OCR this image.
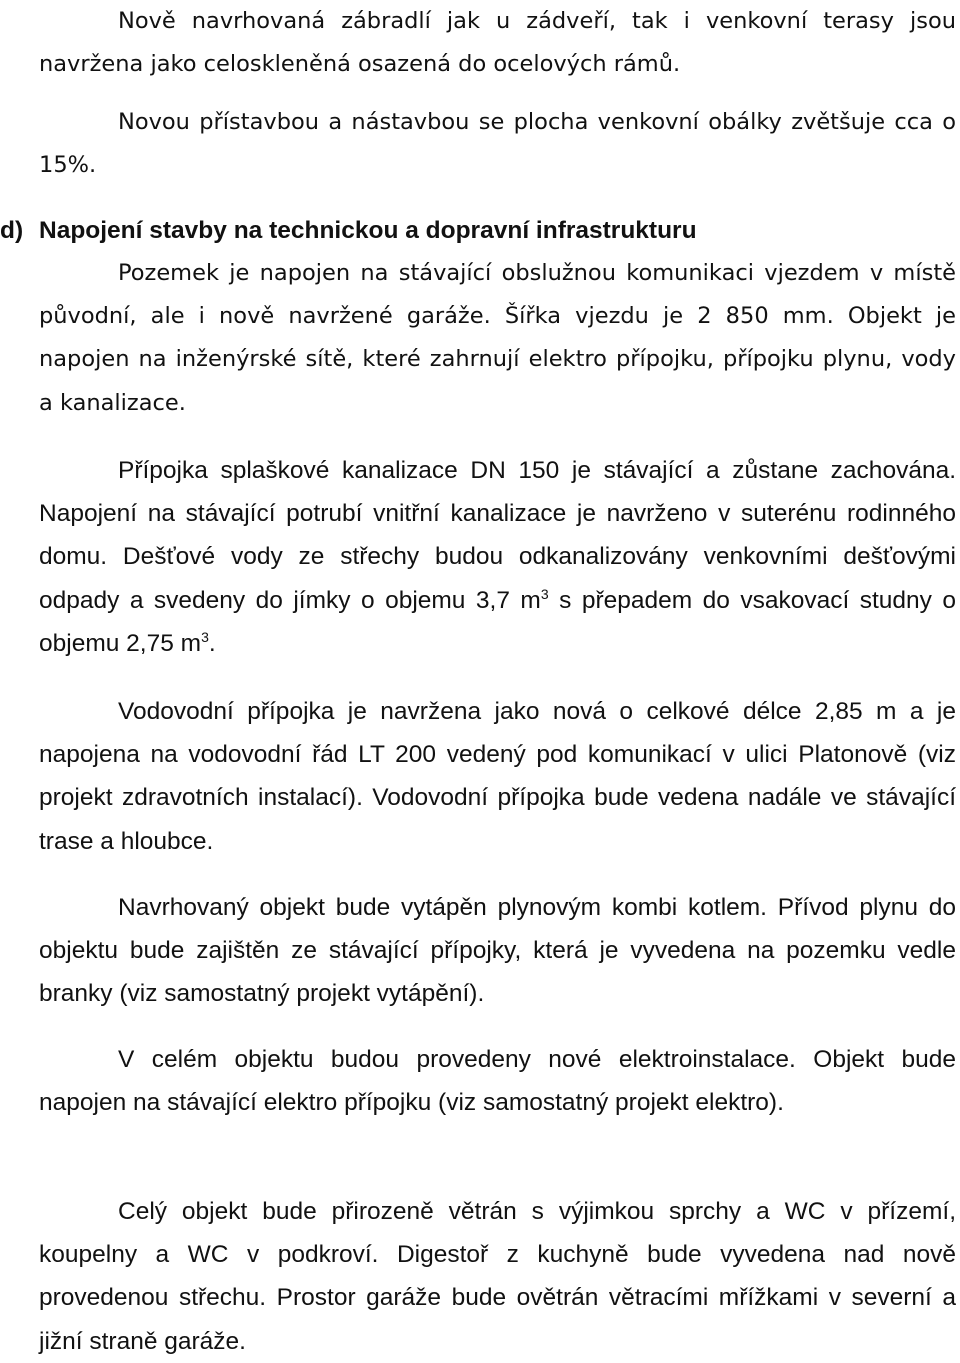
Nově navrhovaná zábradlí jak u zádveří, tak i venkovní terasy jsou navržena jako celoskleněná osazená do ocelových rámů.

Novou přístavbou a nástavbou se plocha venkovní obálky zvětšuje cca o 15%.

d) Napojení stavby na technickou a dopravní infrastrukturu

Pozemek je napojen na stávající obslužnou komunikaci vjezdem v místě původní, ale i nově navržené garáže. Šířka vjezdu je 2 850 mm. Objekt je napojen na inženýrské sítě, které zahrnují elektro přípojku, přípojku plynu, vody a kanalizace.

Přípojka splaškové kanalizace DN 150 je stávající a zůstane zachována. Napojení na stávající potrubí vnitřní kanalizace je navrženo v suterénu rodinného domu. Dešťové vody ze střechy budou odkanalizovány venkovními dešťovými odpady a svedeny do jímky o objemu 3,7 $m^3$ s přepadem do vsakovací studny o objemu 2,75 $m^3$.

Vodovodní přípojka je navržena jako nová o celkové délce 2,85 m a je napojena na vodovodní řád LT 200 vedený pod komunikací v ulici Platonově (viz projekt zdravotních instalací). Vodovodní přípojka bude vedena nadále ve stávající trase a hloubce.

Navrhovaný objekt bude vytápěn plynovým kombi kotlem. Přívod plynu do objektu bude zajištěn ze stávající přípojky, která je vyvedena na pozemku vedle branky (viz samostatný projekt vytápění).

V celém objektu budou provedeny nové elektroinstalace. Objekt bude napojen na stávající elektro přípojku (viz samostatný projekt elektro).

Celý objekt bude přirozeně větrán s výjimkou sprchy a WC v přízemí, koupelny a WC v podkroví. Digestoř z kuchyně bude vyvedena nad nově provedenou střechu. Prostor garáže bude ovětrán větracími mřížkami v severní a jižní straně garáže.
